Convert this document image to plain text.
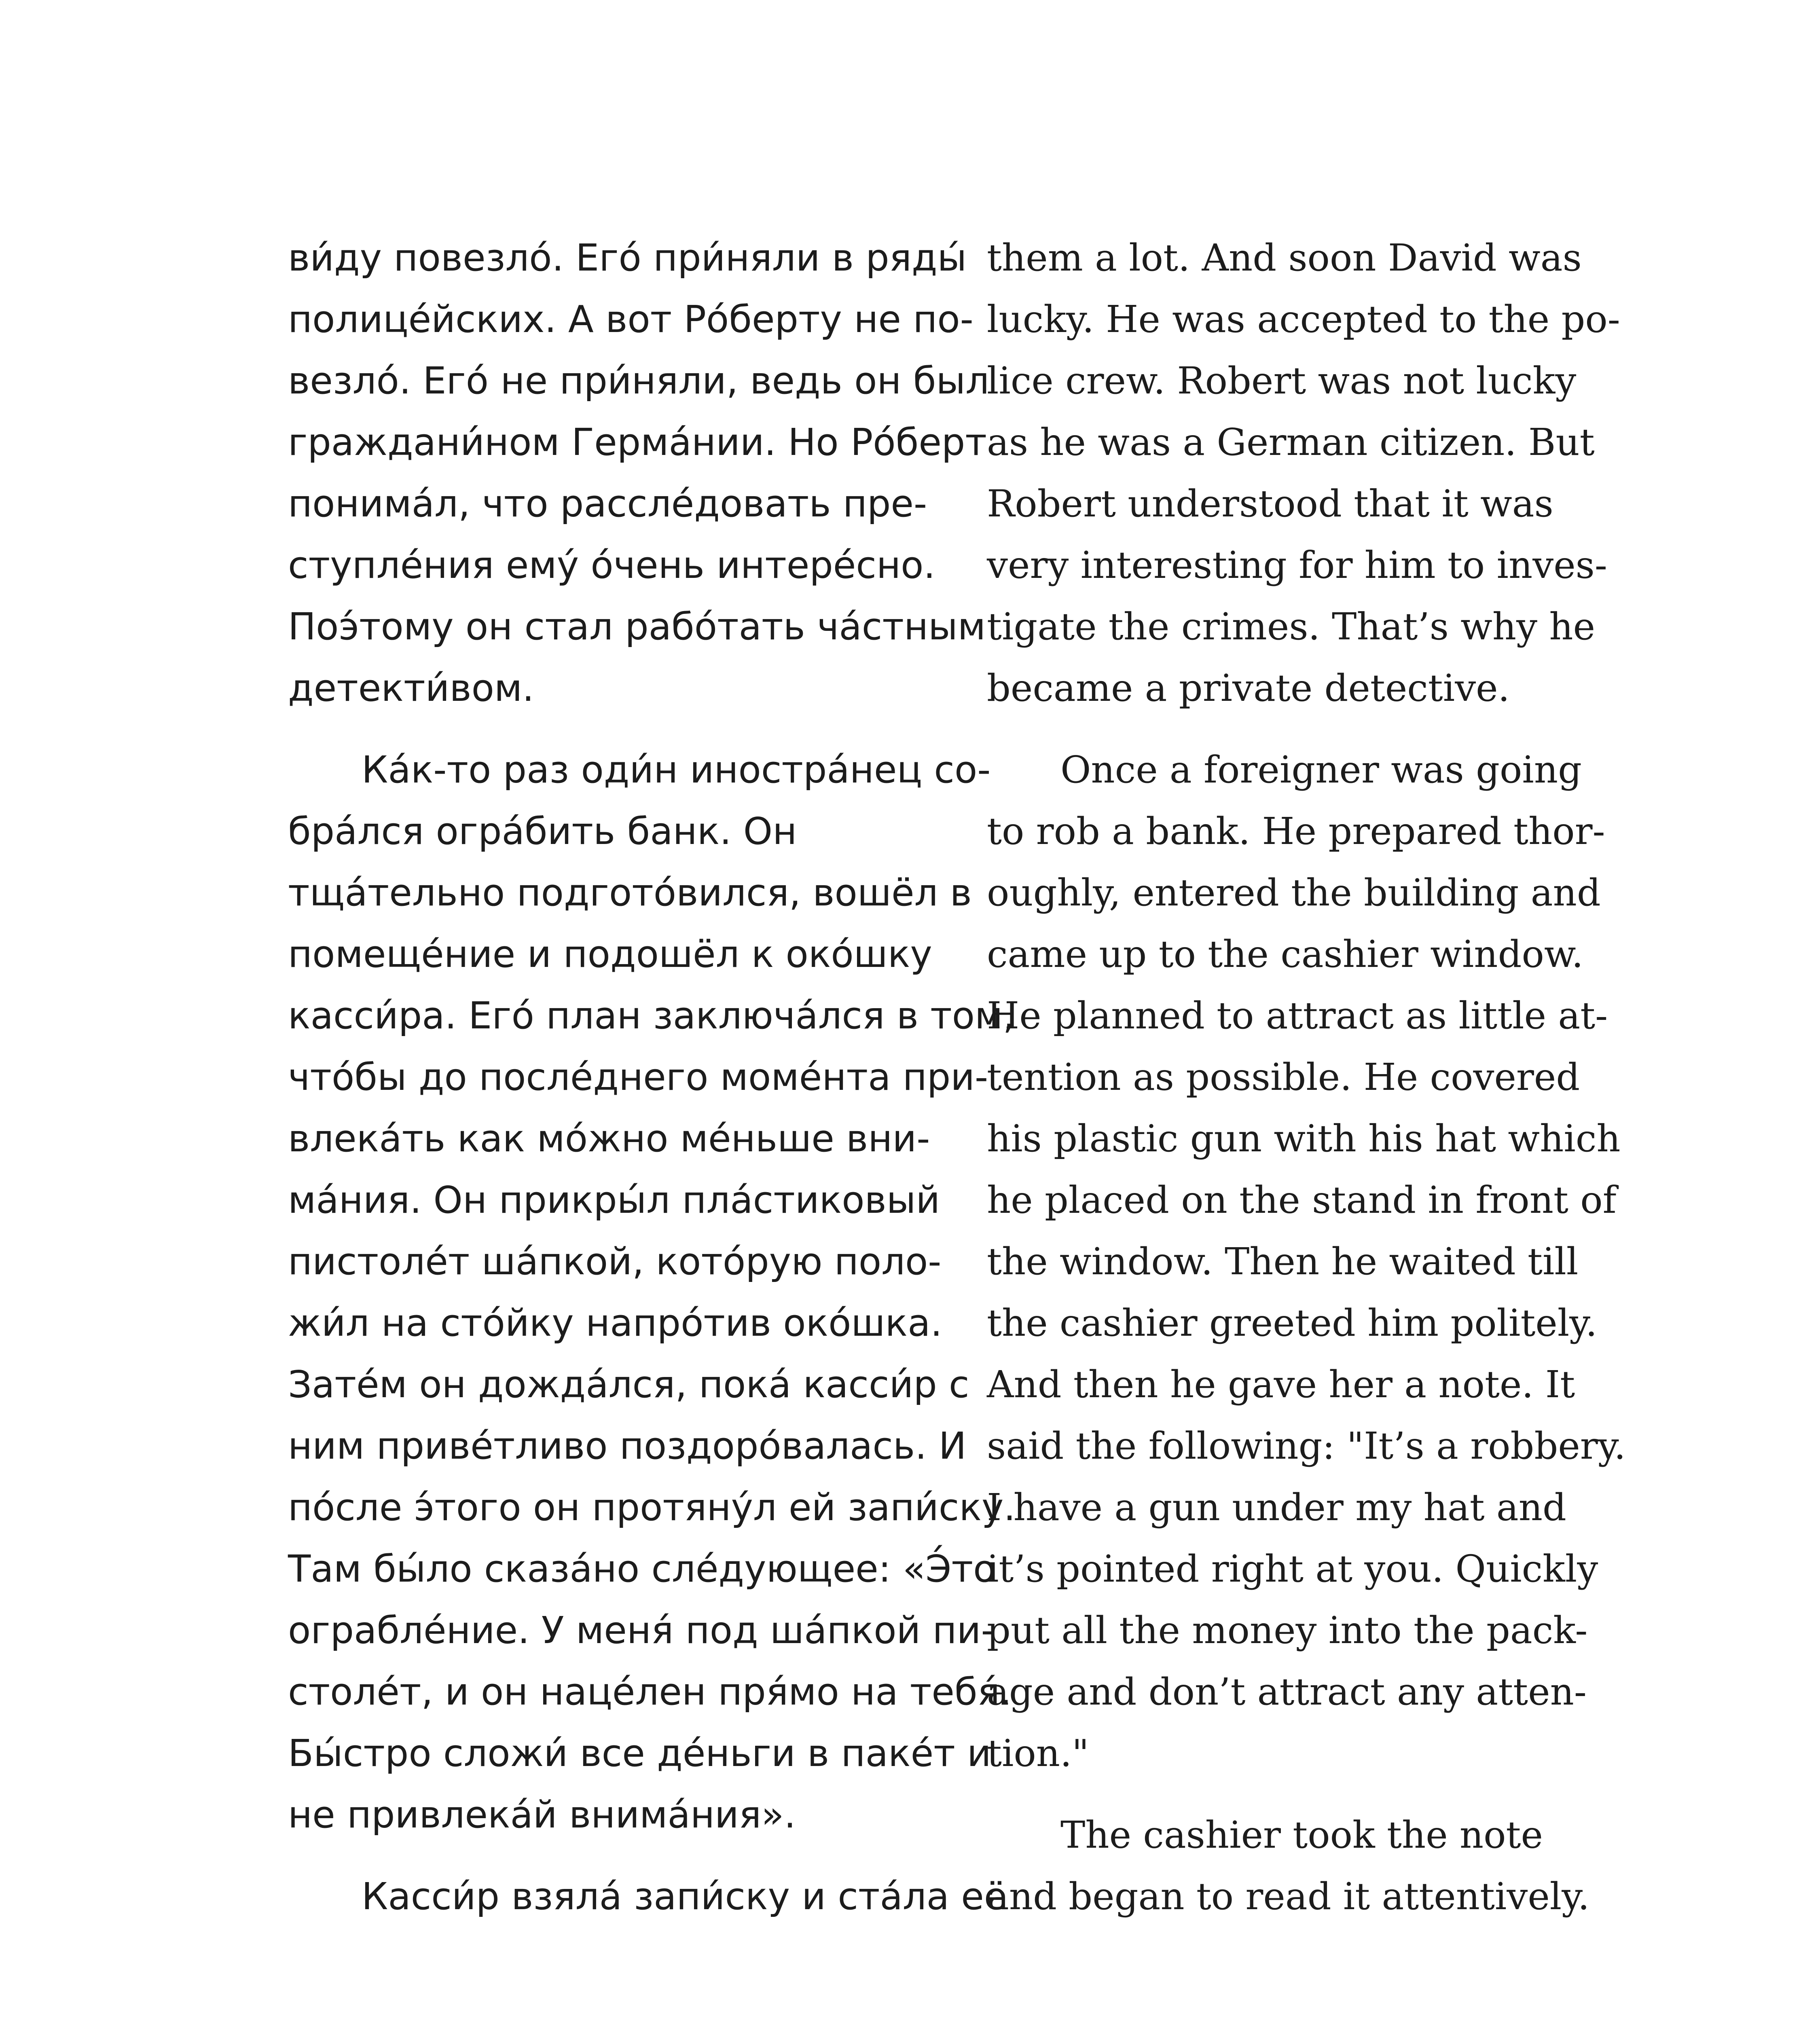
ви́ду повезло́. Его́ при́няли в ряды́
полице́йских. А вот Ро́берту не по-
везло́. Его́ не при́няли, ведь он был
граждани́ном Герма́нии. Но Ро́берт
понима́л, что рассле́довать пре-
ступле́ния ему́ о́чень интере́сно.
Поэ́тому он стал рабо́тать ча́стным
детекти́вом.
Ка́к-то раз оди́н иностра́нец со-
бра́лся огра́бить банк. Он
тща́тельно подгото́вился, вошёл в
помеще́ние и подошёл к око́шку
касси́ра. Его́ план заключа́лся в том,
что́бы до после́днего моме́нта при-
влека́ть как мо́жно ме́ньше вни-
ма́ния. Он прикры́л пла́стиковый
пистоле́т ша́пкой, кото́рую поло-
жи́л на сто́йку напро́тив око́шка.
Зате́м он дожда́лся, пока́ касси́р с
ним приве́тливо поздоро́валась. И
по́сле э́того он протяну́л ей запи́ску.
Там бы́ло сказа́но сле́дующее: «Э́то
ограбле́ние. У меня́ под ша́пкой пи-
столе́т, и он наце́лен пря́мо на тебя́.
Бы́стро сложи́ все де́ньги в паке́т и
не привлека́й внима́ния».
Касси́р взяла́ запи́ску и ста́ла её
them a lot. And soon David was
lucky. He was accepted to the po-
lice crew. Robert was not lucky
as he was a German citizen. But
Robert understood that it was
very interesting for him to inves-
tigate the crimes. That’s why he
became a private detective.
Once a foreigner was going
to rob a bank. He prepared thor-
oughly, entered the building and
came up to the cashier window.
He planned to attract as little at-
tention as possible. He covered
his plastic gun with his hat which
he placed on the stand in front of
the window. Then he waited till
the cashier greeted him politely.
And then he gave her a note. It
said the following: "It’s a robbery.
I have a gun under my hat and
it’s pointed right at you. Quickly
put all the money into the pack-
age and don’t attract any atten-
tion."
The cashier took the note
and began to read it attentively.
